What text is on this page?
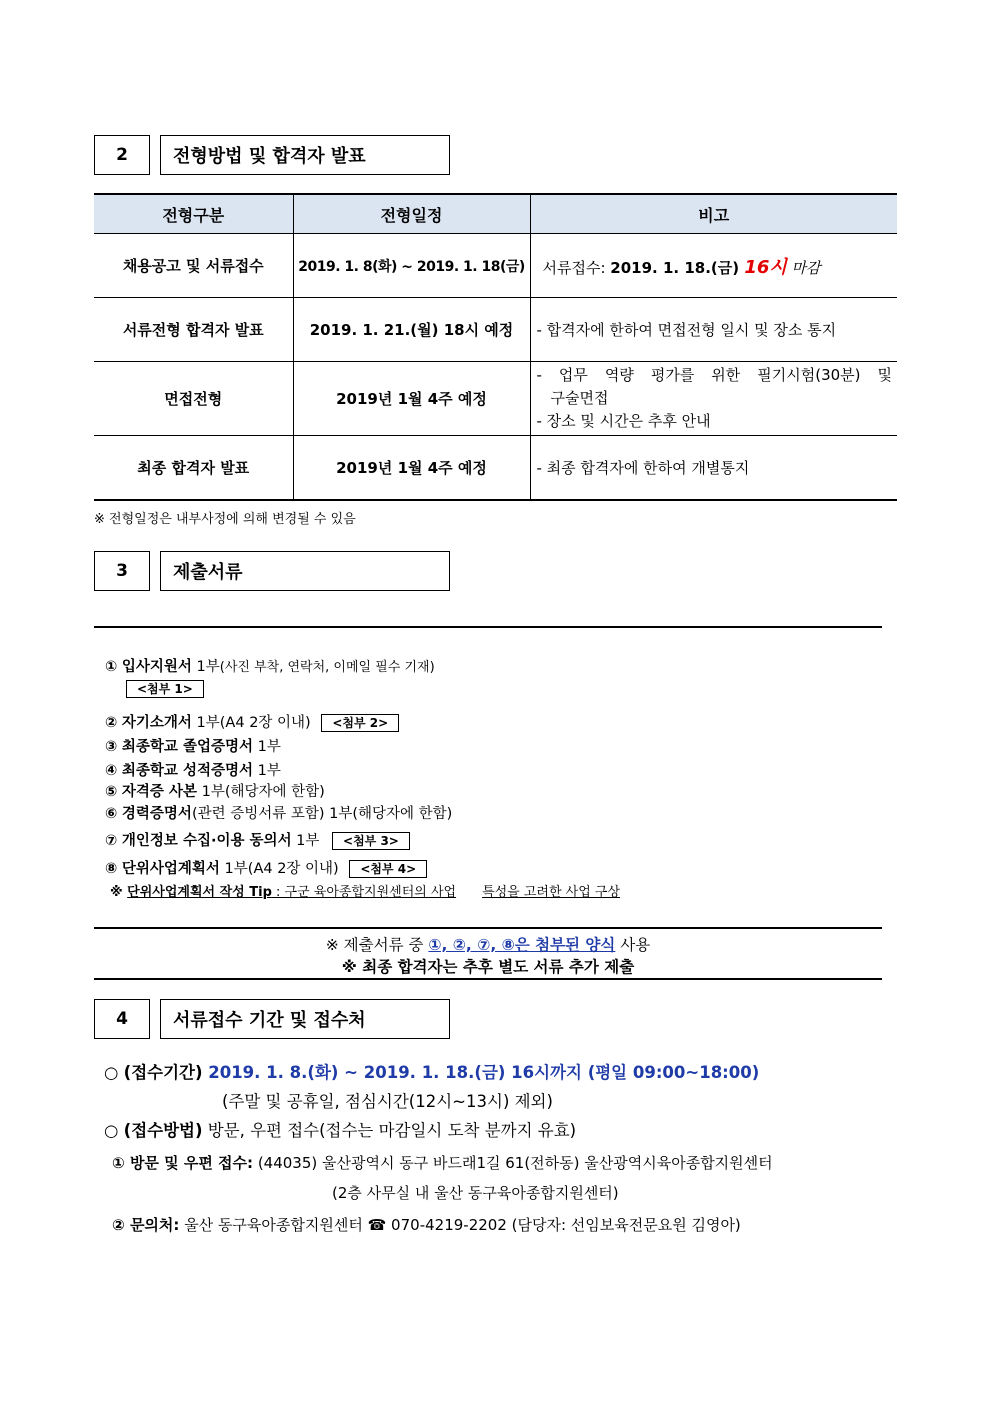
2	전형방법 및 합격자 발표
전형구분	전형일정	비고
채용공고 및 서류접수	2019. 1. 8(화) ~ 2019. 1. 18(금)	서류접수: 2019. 1. 18.(금) 16시 마감
서류전형 합격자 발표	2019. 1. 21.(월) 18시 예정	- 합격자에 한하여 면접전형 일시 및 장소 통지
면접전형	2019년 1월 4주 예정	- 업무 역량 평가를 위한 필기시험(30분) 및
구술면접
- 장소 및 시간은 추후 안내

최종 합격자 발표	2019년 1월 4주 예정	- 최종 합격자에 한하여 개별통지
※ 전형일정은 내부사정에 의해 변경될 수 있음
3	제출서류
① 입사지원서 1부(사진 부착, 연락처, 이메일 필수 기재)
<첨부 1>
② 자기소개서 1부(A4 2장 이내) <첨부 2>
③ 최종학교 졸업증명서 1부
④ 최종학교 성적증명서 1부
⑤ 자격증 사본 1부(해당자에 한함)
⑥ 경력증명서(관련 증빙서류 포함) 1부(해당자에 한함)
⑦ 개인정보 수집·이용 동의서 1부 <첨부 3>
⑧ 단위사업계획서 1부(A4 2장 이내) <첨부 4>
※ 단위사업계획서 작성 Tip : 구군 육아종합지원센터의 사업 특성을 고려한 사업 구상
※ 제출서류 중 ①, ②, ⑦, ⑧은 첨부된 양식 사용
※ 최종 합격자는 추후 별도 서류 추가 제출
4	서류접수 기간 및 접수처
○ (접수기간) 2019. 1. 8.(화) ~ 2019. 1. 18.(금) 16시까지 (평일 09:00~18:00)
(주말 및 공휴일, 점심시간(12시~13시) 제외)
○ (접수방법) 방문, 우편 접수(접수는 마감일시 도착 분까지 유효)
① 방문 및 우편 접수: (44035) 울산광역시 동구 바드래1길 61(전하동) 울산광역시육아종합지원센터
(2층 사무실 내 울산 동구육아종합지원센터)
② 문의처: 울산 동구육아종합지원센터 ☎ 070-4219-2202 (담당자: 선임보육전문요원 김영아)
